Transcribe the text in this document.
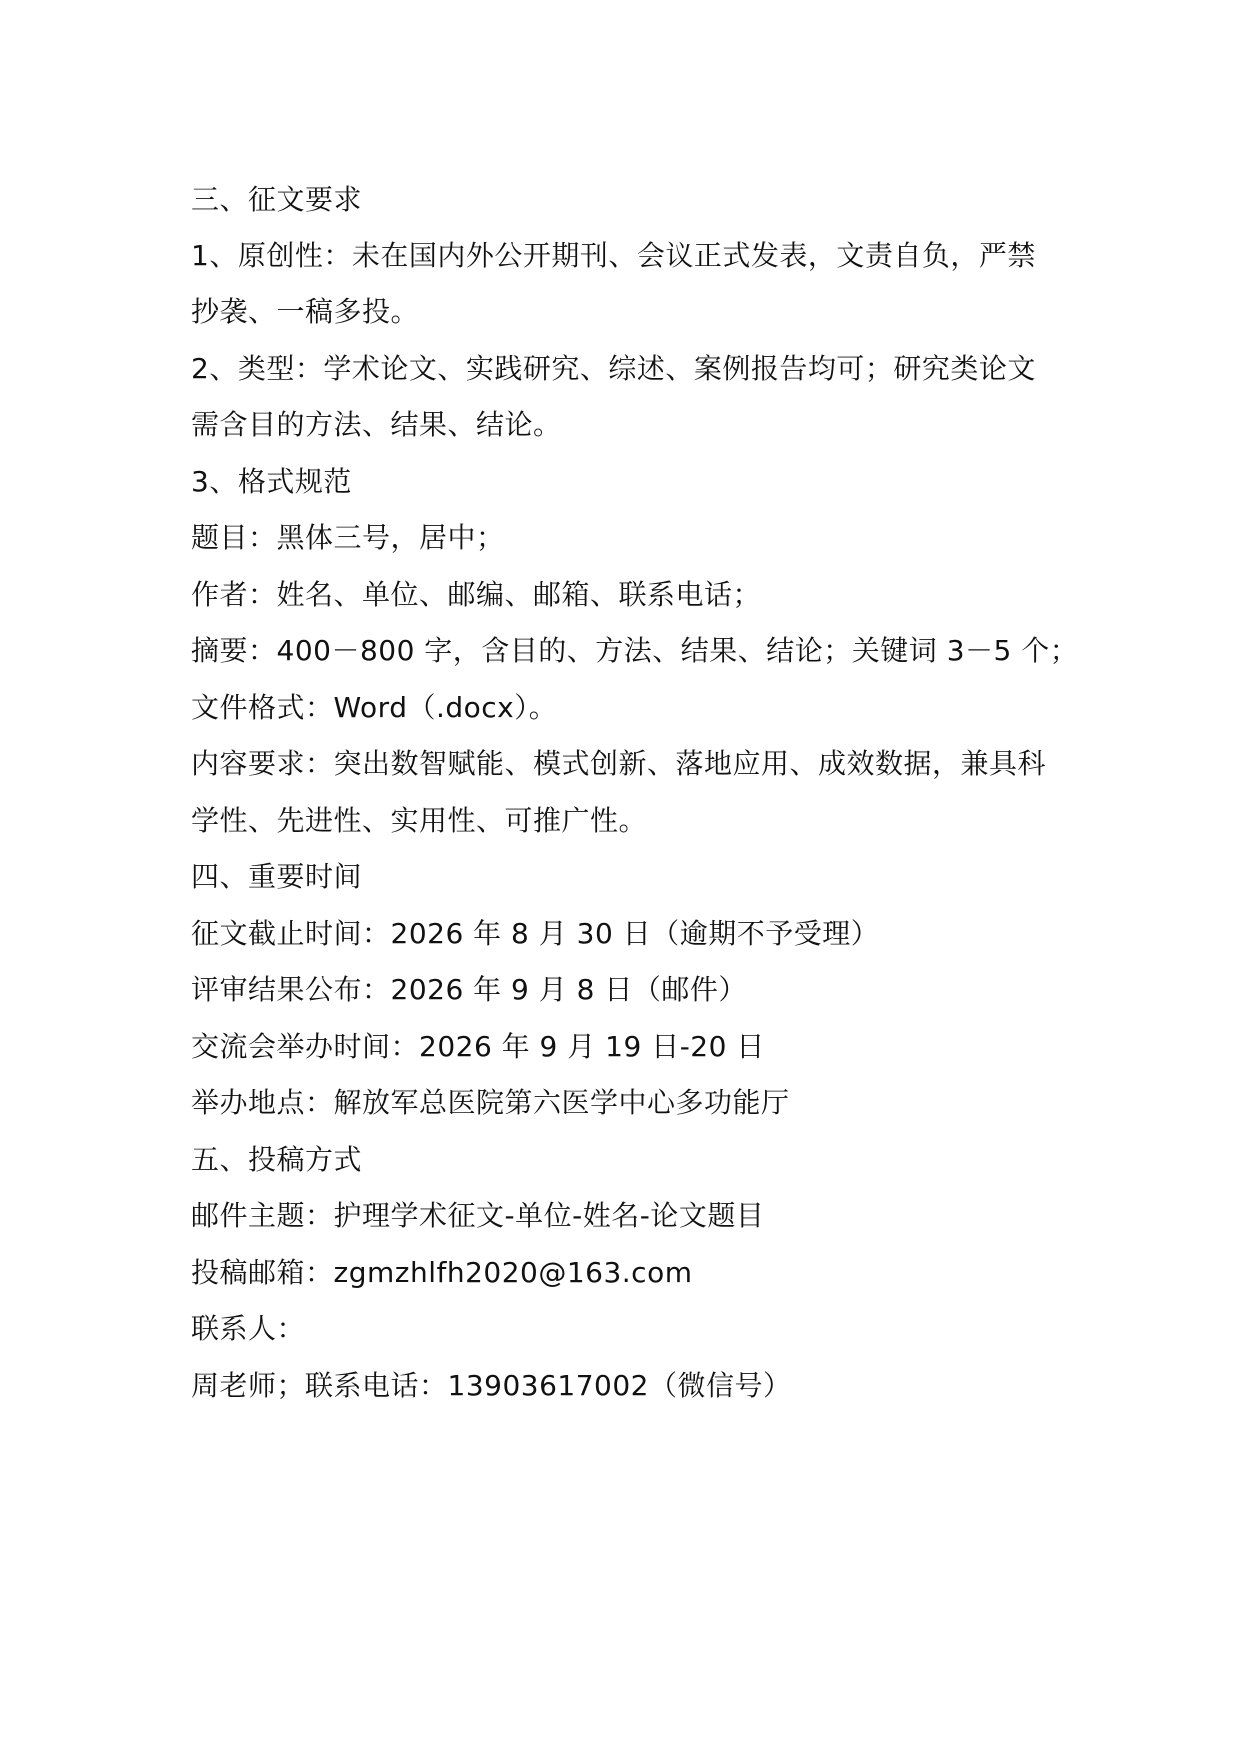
三、征文要求
1、原创性：未在国内外公开期刊、会议正式发表，文责自负，严禁
抄袭、一稿多投。
2、类型：学术论文、实践研究、综述、案例报告均可；研究类论文
需含目的方法、结果、结论。
3、格式规范
题目：黑体三号，居中；
作者：姓名、单位、邮编、邮箱、联系电话；
摘要：400－800 字，含目的、方法、结果、结论；关键词 3－5 个；
文件格式：Word（.docx）。
内容要求：突出数智赋能、模式创新、落地应用、成效数据，兼具科
学性、先进性、实用性、可推广性。
四、重要时间
征文截止时间：2026 年 8 月 30 日（逾期不予受理）
评审结果公布：2026 年 9 月 8 日（邮件）
交流会举办时间：2026 年 9 月 19 日-20 日
举办地点：解放军总医院第六医学中心多功能厅
五、投稿方式
邮件主题：护理学术征文-单位-姓名-论文题目
投稿邮箱：zgmzhlfh2020@163.com
联系人：
周老师；联系电话：13903617002（微信号）
